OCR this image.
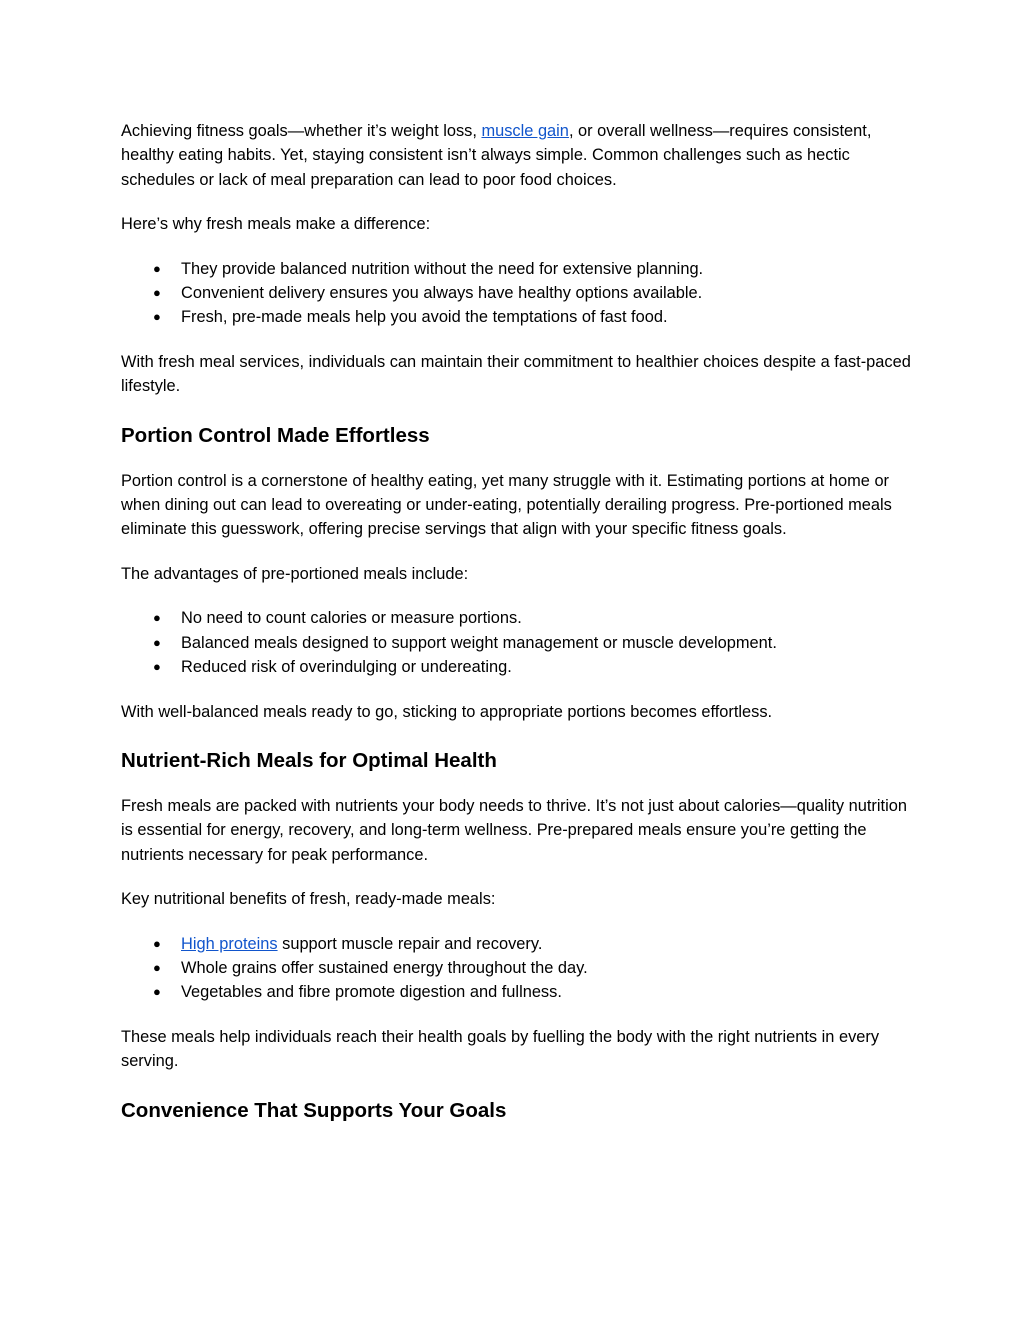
Achieving fitness goals—whether it’s weight loss, muscle gain, or overall wellness—requires consistent, healthy eating habits. Yet, staying consistent isn’t always simple. Common challenges such as hectic schedules or lack of meal preparation can lead to poor food choices.

Here’s why fresh meals make a difference:

● They provide balanced nutrition without the need for extensive planning.
● Convenient delivery ensures you always have healthy options available.
● Fresh, pre-made meals help you avoid the temptations of fast food.

With fresh meal services, individuals can maintain their commitment to healthier choices despite a fast-paced lifestyle.

Portion Control Made Effortless

Portion control is a cornerstone of healthy eating, yet many struggle with it. Estimating portions at home or when dining out can lead to overeating or under-eating, potentially derailing progress. Pre-portioned meals eliminate this guesswork, offering precise servings that align with your specific fitness goals.

The advantages of pre-portioned meals include:

● No need to count calories or measure portions.
● Balanced meals designed to support weight management or muscle development.
● Reduced risk of overindulging or undereating.

With well-balanced meals ready to go, sticking to appropriate portions becomes effortless.

Nutrient-Rich Meals for Optimal Health

Fresh meals are packed with nutrients your body needs to thrive. It’s not just about calories—quality nutrition is essential for energy, recovery, and long-term wellness. Pre-prepared meals ensure you’re getting the nutrients necessary for peak performance.

Key nutritional benefits of fresh, ready-made meals:

● High proteins support muscle repair and recovery.
● Whole grains offer sustained energy throughout the day.
● Vegetables and fibre promote digestion and fullness.

These meals help individuals reach their health goals by fuelling the body with the right nutrients in every serving.

Convenience That Supports Your Goals
